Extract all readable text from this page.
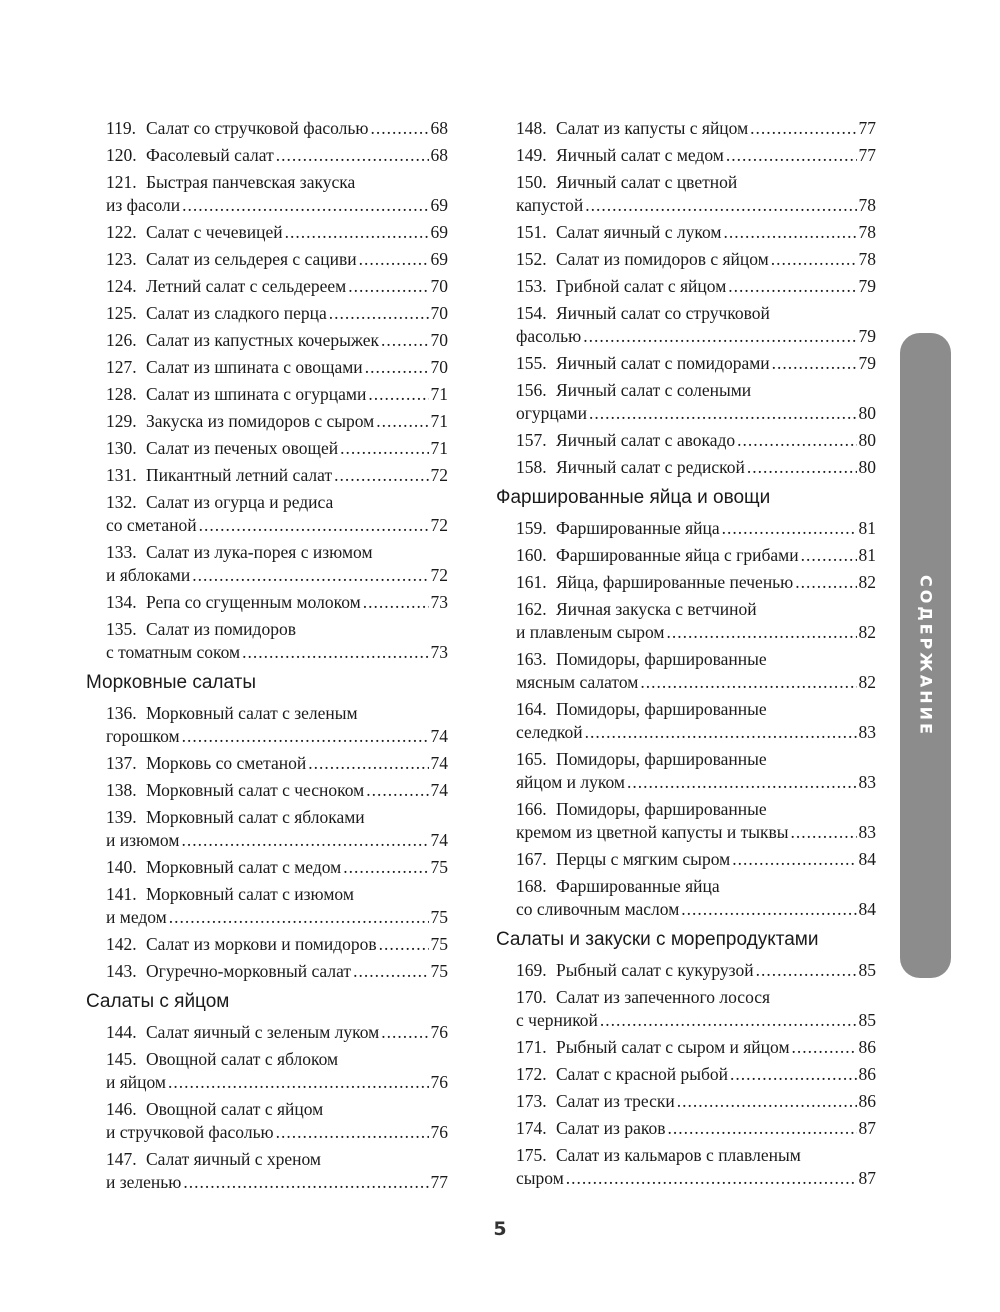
119. Салат со стручковой фасолью .....	68
120. Фасолевый салат .....	68
121. Быстрая панчевская закуска
из фасоли .....	69
122. Салат с чечевицей .....	69
123. Салат из сельдерея с сациви .....	69
124. Летний салат с сельдереем .....	70
125. Салат из сладкого перца .....	70
126. Салат из капустных кочерыжек .....	70
127. Салат из шпината с овощами .....	70
128. Салат из шпината с огурцами .....	71
129. Закуска из помидоров с сыром .....	71
130. Салат из печеных овощей .....	71
131. Пикантный летний салат .....	72
132. Салат из огурца и редиса
со сметаной .....	72
133. Салат из лука-порея с изюмом
и яблоками .....	72
134. Репа со сгущенным молоком .....	73
135. Салат из помидоров
с томатным соком .....	73
Морковные салаты
136. Морковный салат с зеленым
горошком .....	74
137. Морковь со сметаной .....	74
138. Морковный салат с чесноком .....	74
139. Морковный салат с яблоками
и изюмом .....	74
140. Морковный салат с медом .....	75
141. Морковный салат с изюмом
и медом .....	75
142. Салат из моркови и помидоров .....	75
143. Огуречно-морковный салат .....	75
Салаты с яйцом
144. Салат яичный с зеленым луком .....	76
145. Овощной салат с яблоком
и яйцом .....	76
146. Овощной салат с яйцом
и стручковой фасолью .....	76
147. Салат яичный с хреном
и зеленью .....	77
148. Салат из капусты с яйцом .....	77
149. Яичный салат с медом .....	77
150. Яичный салат с цветной
капустой .....	78
151. Салат яичный с луком .....	78
152. Салат из помидоров с яйцом .....	78
153. Грибной салат с яйцом .....	79
154. Яичный салат со стручковой
фасолью .....	79
155. Яичный салат с помидорами .....	79
156. Яичный салат с солеными
огурцами .....	80
157. Яичный салат с авокадо .....	80
158. Яичный салат с редиской .....	80
Фаршированные яйца и овощи
159. Фаршированные яйца .....	81
160. Фаршированные яйца с грибами .....	81
161. Яйца, фаршированные печенью .....	82
162. Яичная закуска с ветчиной
и плавленым сыром .....	82
163. Помидоры, фаршированные
мясным салатом .....	82
164. Помидоры, фаршированные
селедкой .....	83
165. Помидоры, фаршированные
яйцом и луком .....	83
166. Помидоры, фаршированные
кремом из цветной капусты и тыквы .....	83
167. Перцы с мягким сыром .....	84
168. Фаршированные яйца
со сливочным маслом .....	84
Салаты и закуски с морепродуктами
169. Рыбный салат с кукурузой .....	85
170. Салат из запеченного лосося
с черникой .....	85
171. Рыбный салат с сыром и яйцом .....	86
172. Салат с красной рыбой .....	86
173. Салат из трески .....	86
174. Салат из раков .....	87
175. Салат из кальмаров с плавленым
сыром .....	87
СОДЕРЖАНИЕ
5
